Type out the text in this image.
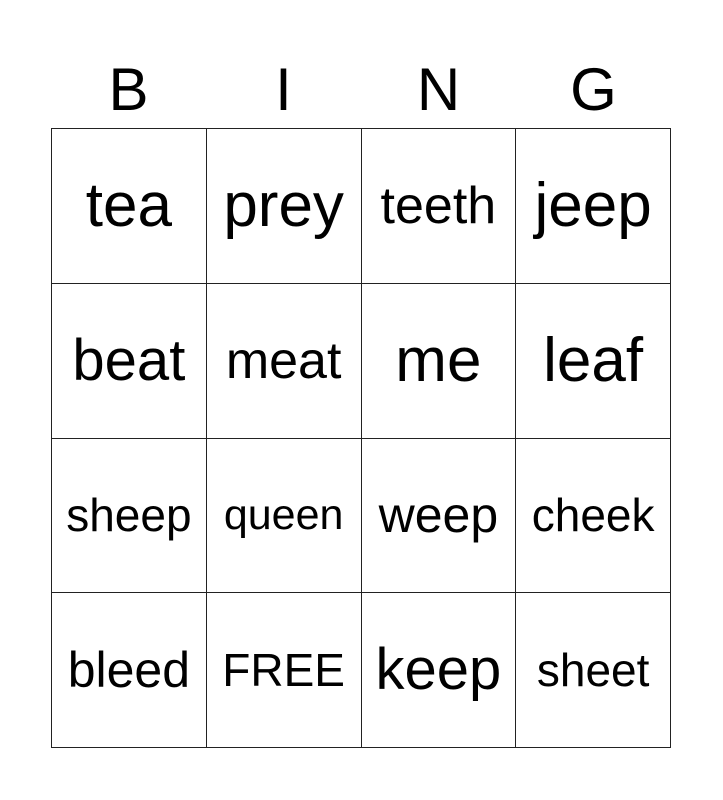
B	I	N	G
tea prey teeth jeep
beat meat me leaf
sheep queen weep cheek
bleed FREE keep sheet
